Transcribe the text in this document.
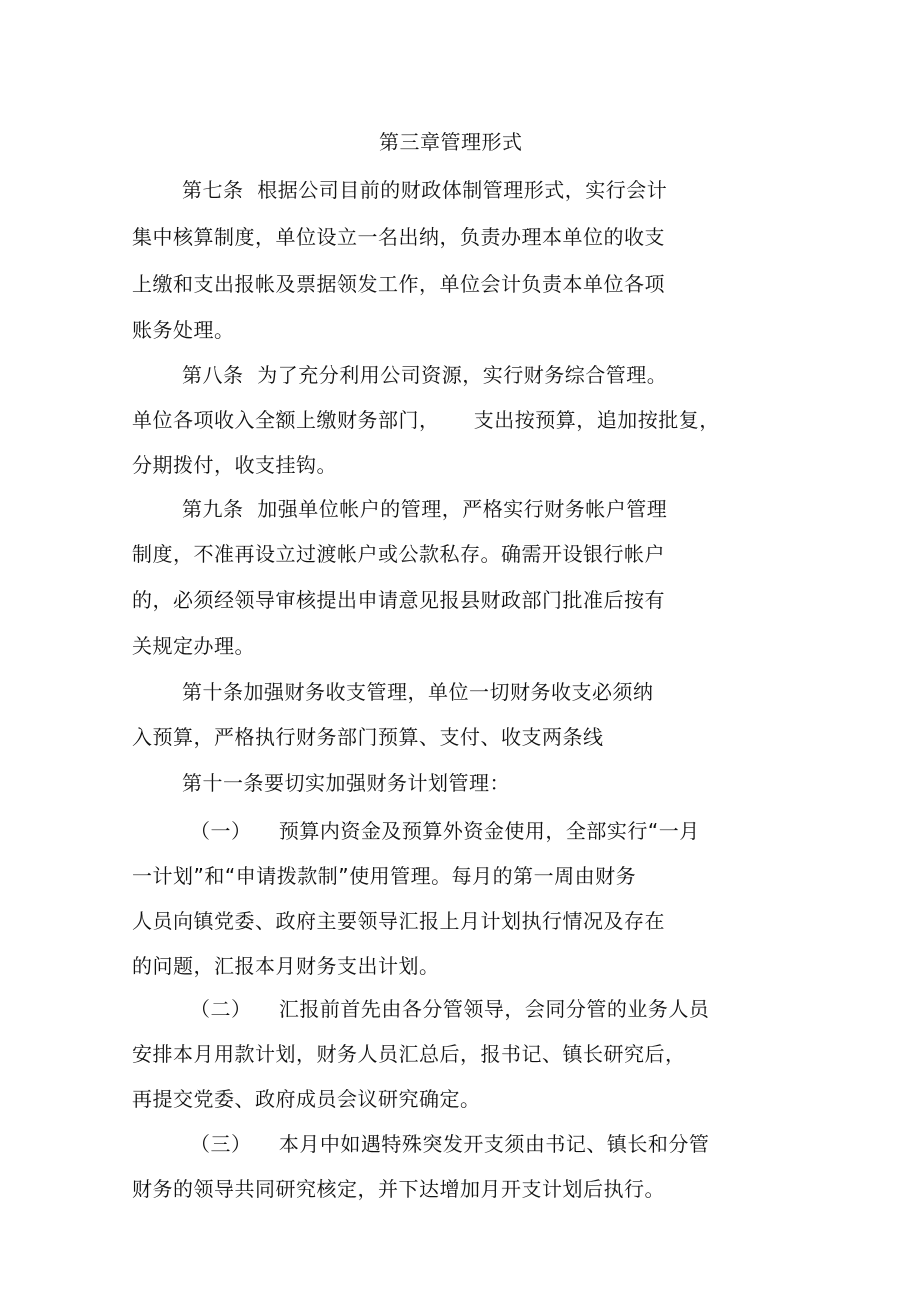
第三章管理形式
第七条  根据公司目前的财政体制管理形式，实行会计
集中核算制度，单位设立一名出纳，负责办理本单位的收支
上缴和支出报帐及票据领发工作，单位会计负责本单位各项
账务处理。
第八条  为了充分利用公司资源，实行财务综合管理。
单位各项收入全额上缴财务部门，     支出按预算，追加按批复，
分期拨付，收支挂钩。
第九条  加强单位帐户的管理，严格实行财务帐户管理
制度，不准再设立过渡帐户或公款私存。确需开设银行帐户
的，必须经领导审核提出申请意见报县财政部门批准后按有
关规定办理。
第十条加强财务收支管理，单位一切财务收支必须纳
入预算，严格执行财务部门预算、支付、收支两条线
第十一条要切实加强财务计划管理：
（一）    预算内资金及预算外资金使用，全部实行“一月
一计划”和“申请拨款制”使用管理。每月的第一周由财务
人员向镇党委、政府主要领导汇报上月计划执行情况及存在
的问题，汇报本月财务支出计划。
（二）    汇报前首先由各分管领导，会同分管的业务人员
安排本月用款计划，财务人员汇总后，报书记、镇长研究后，
再提交党委、政府成员会议研究确定。
（三）    本月中如遇特殊突发开支须由书记、镇长和分管
财务的领导共同研究核定，并下达增加月开支计划后执行。
